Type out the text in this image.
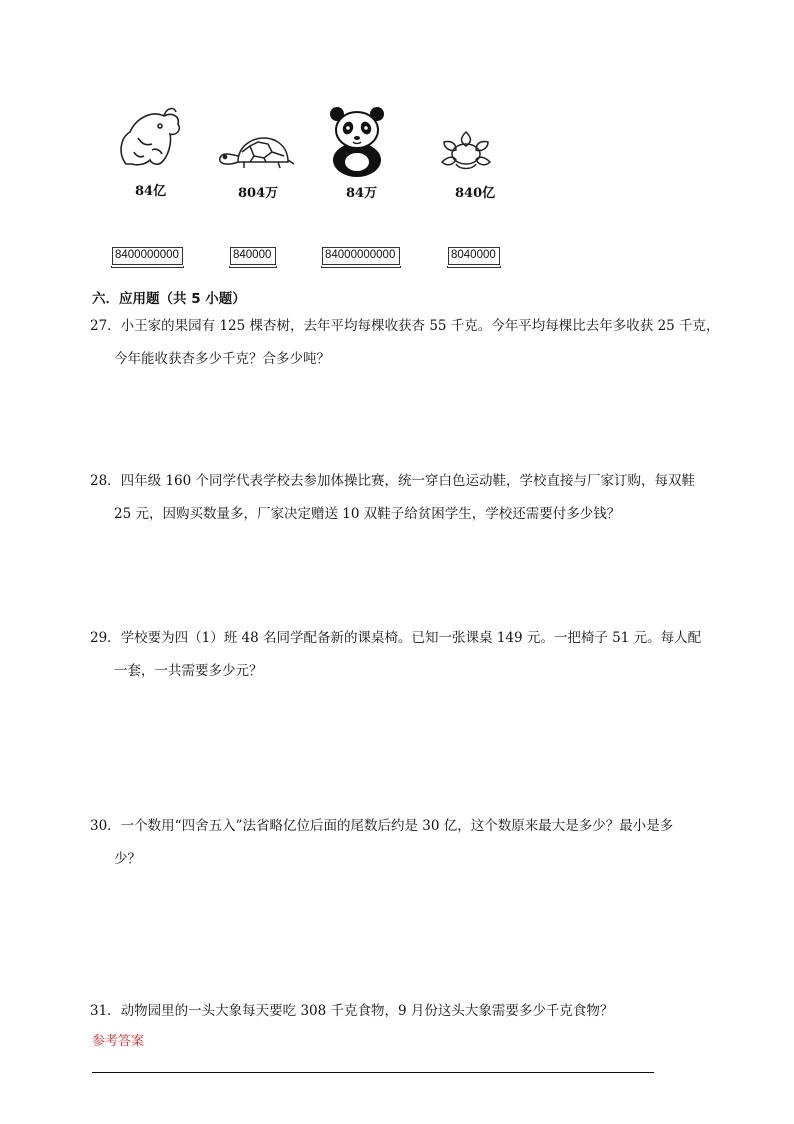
84亿	804万	84万	840亿
8400000000	840000	84000000000	8040000
六．应用题（共 5 小题）
27．小王家的果园有 125 棵杏树，去年平均每棵收获杏 55 千克。今年平均每棵比去年多收获 25 千克，
今年能收获杏多少千克？合多少吨？
28．四年级 160 个同学代表学校去参加体操比赛，统一穿白色运动鞋，学校直接与厂家订购，每双鞋
25 元，因购买数量多，厂家决定赠送 10 双鞋子给贫困学生，学校还需要付多少钱？
29．学校要为四（1）班 48 名同学配备新的课桌椅。已知一张课桌 149 元。一把椅子 51 元。每人配
一套，一共需要多少元？
30．一个数用“四舍五入”法省略亿位后面的尾数后约是 30 亿，这个数原来最大是多少？最小是多
少？
31．动物园里的一头大象每天要吃 308 千克食物，9 月份这头大象需要多少千克食物？
参考答案
